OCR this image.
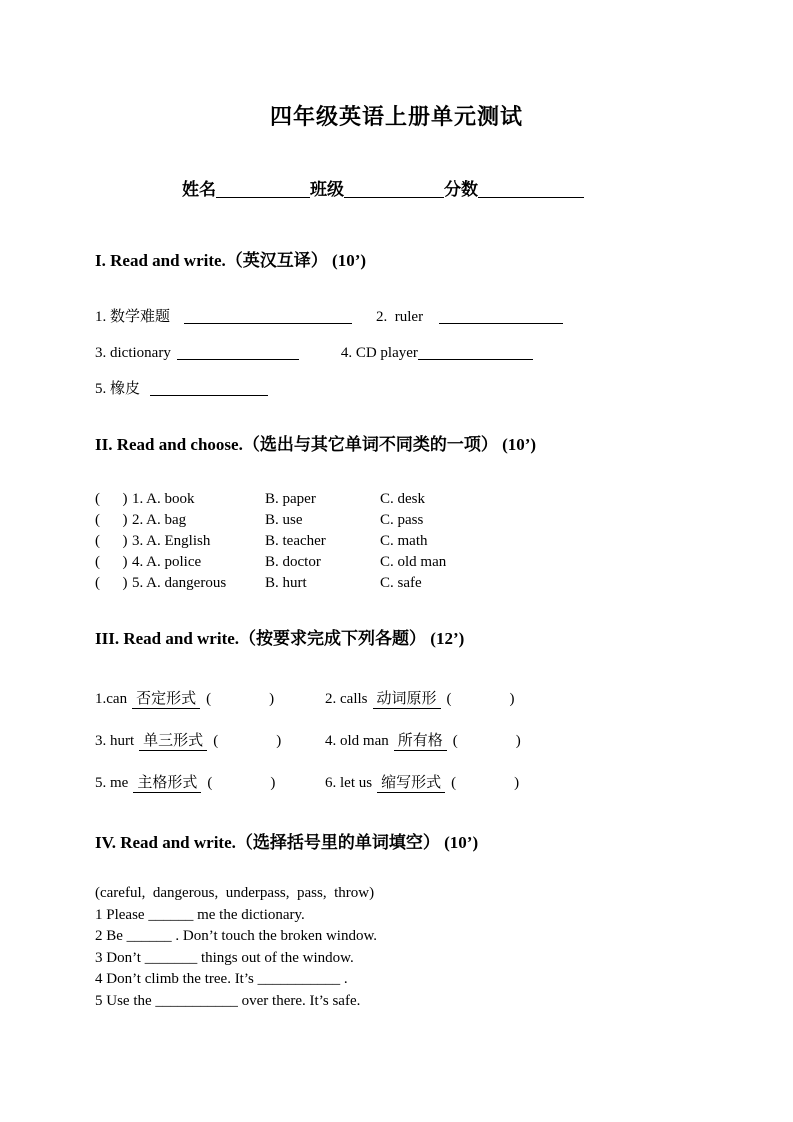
四年级英语上册单元测试
姓名	班级	分数
I. Read and write.（英汉互译） (10’)
1. 数学难题	2.  ruler
3. dictionary	4. CD player
5. 橡皮
II. Read and choose.（选出与其它单词不同类的一项） (10’)
(      ) 1. A. book	B. paper	C. desk
(      ) 2. A. bag	B. use	C. pass
(      ) 3. A. English	B. teacher	C. math
(      ) 4. A. police	B. doctor	C. old man
(      ) 5. A. dangerous	B. hurt	C. safe
III. Read and write.（按要求完成下列各题） (12’)
1.can 否定形式 (	)	2. calls 动词原形 (	)
3. hurt 单三形式 (	)	4. old man 所有格 (	)
5. me 主格形式 (	)	6. let us 缩写形式 (	)
IV. Read and write.（选择括号里的单词填空） (10’)
(careful,  dangerous,  underpass,  pass,  throw)
1 Please ______ me the dictionary.
2 Be ______ . Don’t touch the broken window.
3 Don’t _______ things out of the window.
4 Don’t climb the tree. It’s ___________ .
5 Use the ___________ over there. It’s safe.
